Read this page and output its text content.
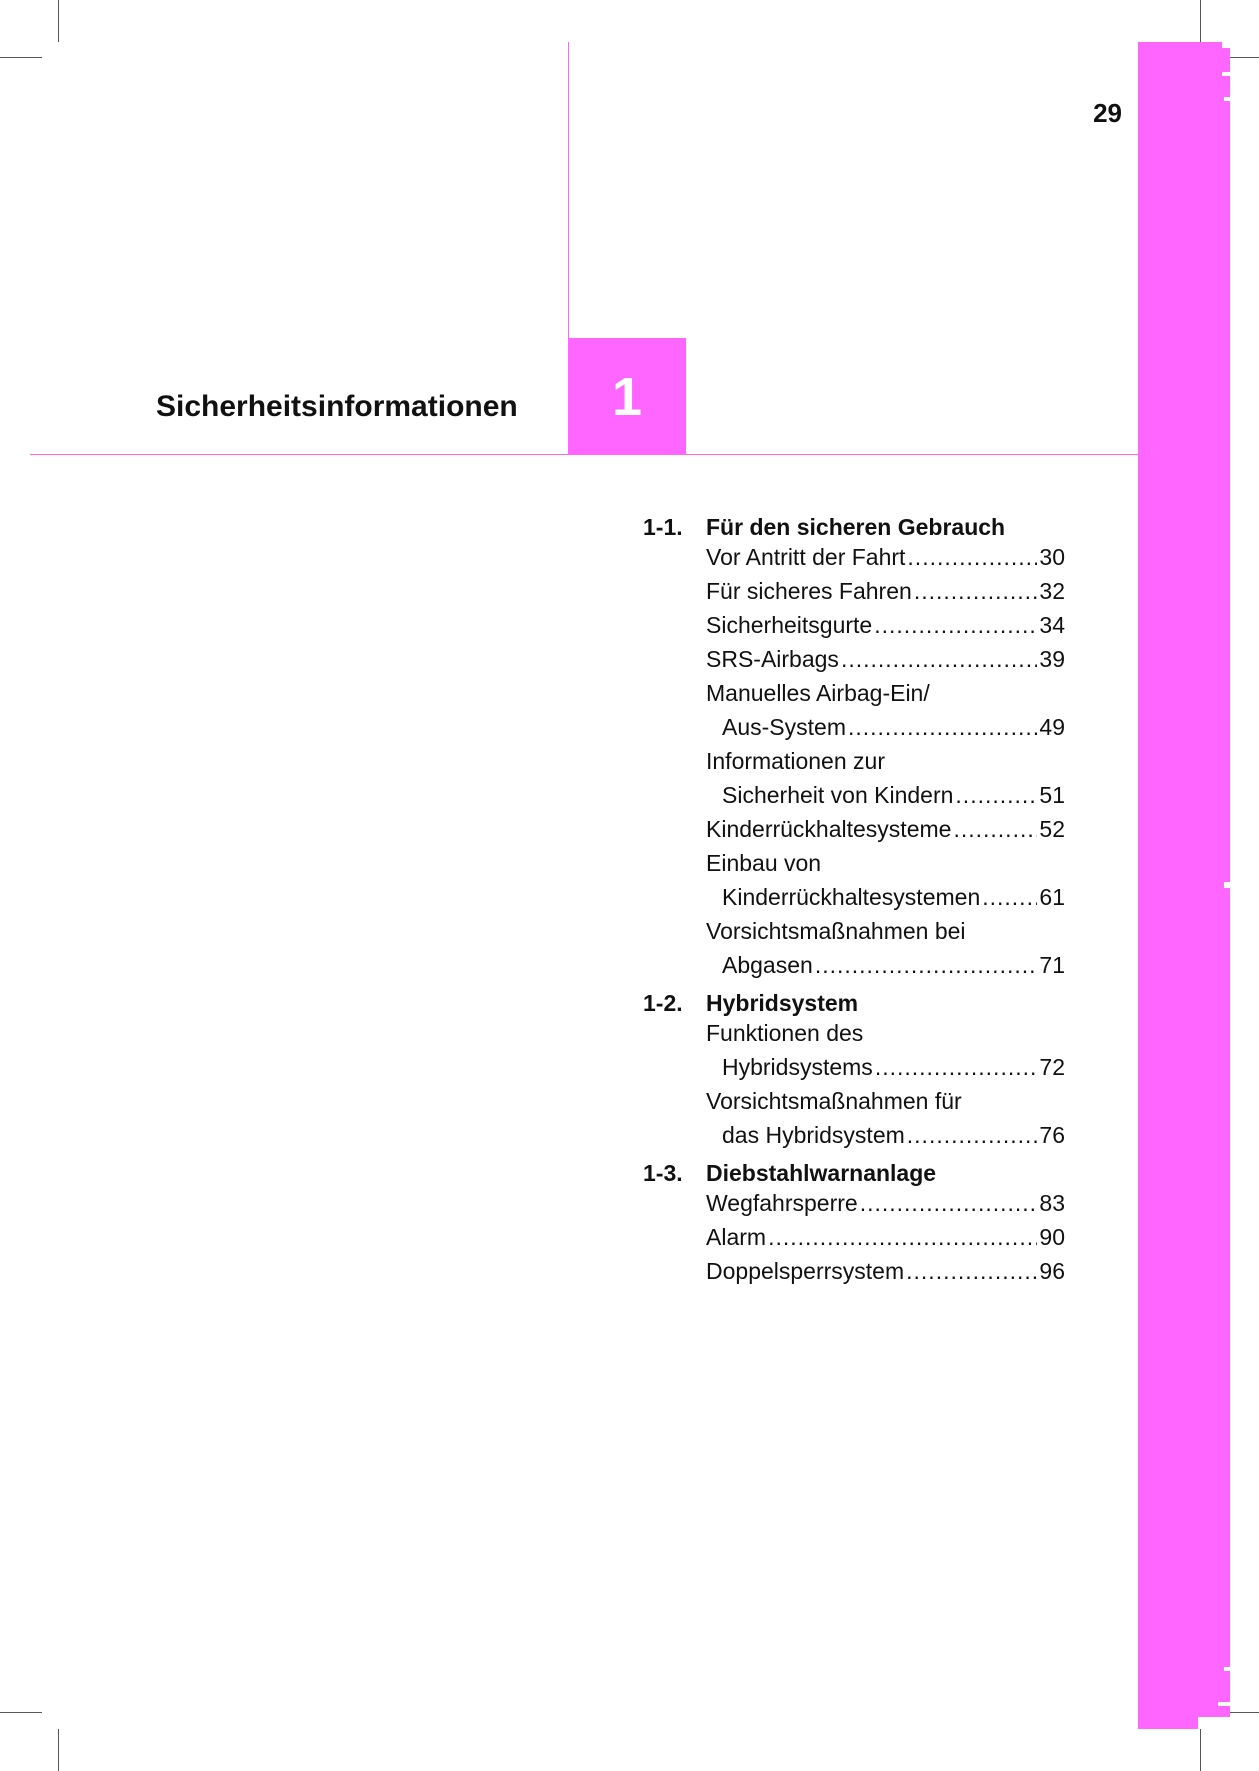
Sicherheitsinformationen	1
29
1-1.	Für den sicheren Gebrauch
Vor Antritt der Fahrt .....	30
Für sicheres Fahren .....	32
Sicherheitsgurte .....	34
SRS-Airbags .....	39
Manuelles Airbag-Ein/
Aus-System .....	49
Informationen zur
Sicherheit von Kindern .....	51
Kinderrückhaltesysteme .....	52
Einbau von
Kinderrückhaltesystemen .....	61
Vorsichtsmaßnahmen bei
Abgasen .....	71
1-2.	Hybridsystem
Funktionen des
Hybridsystems .....	72
Vorsichtsmaßnahmen für
das Hybridsystem .....	76
1-3.	Diebstahlwarnanlage
Wegfahrsperre .....	83
Alarm .....	90
Doppelsperrsystem .....	96
